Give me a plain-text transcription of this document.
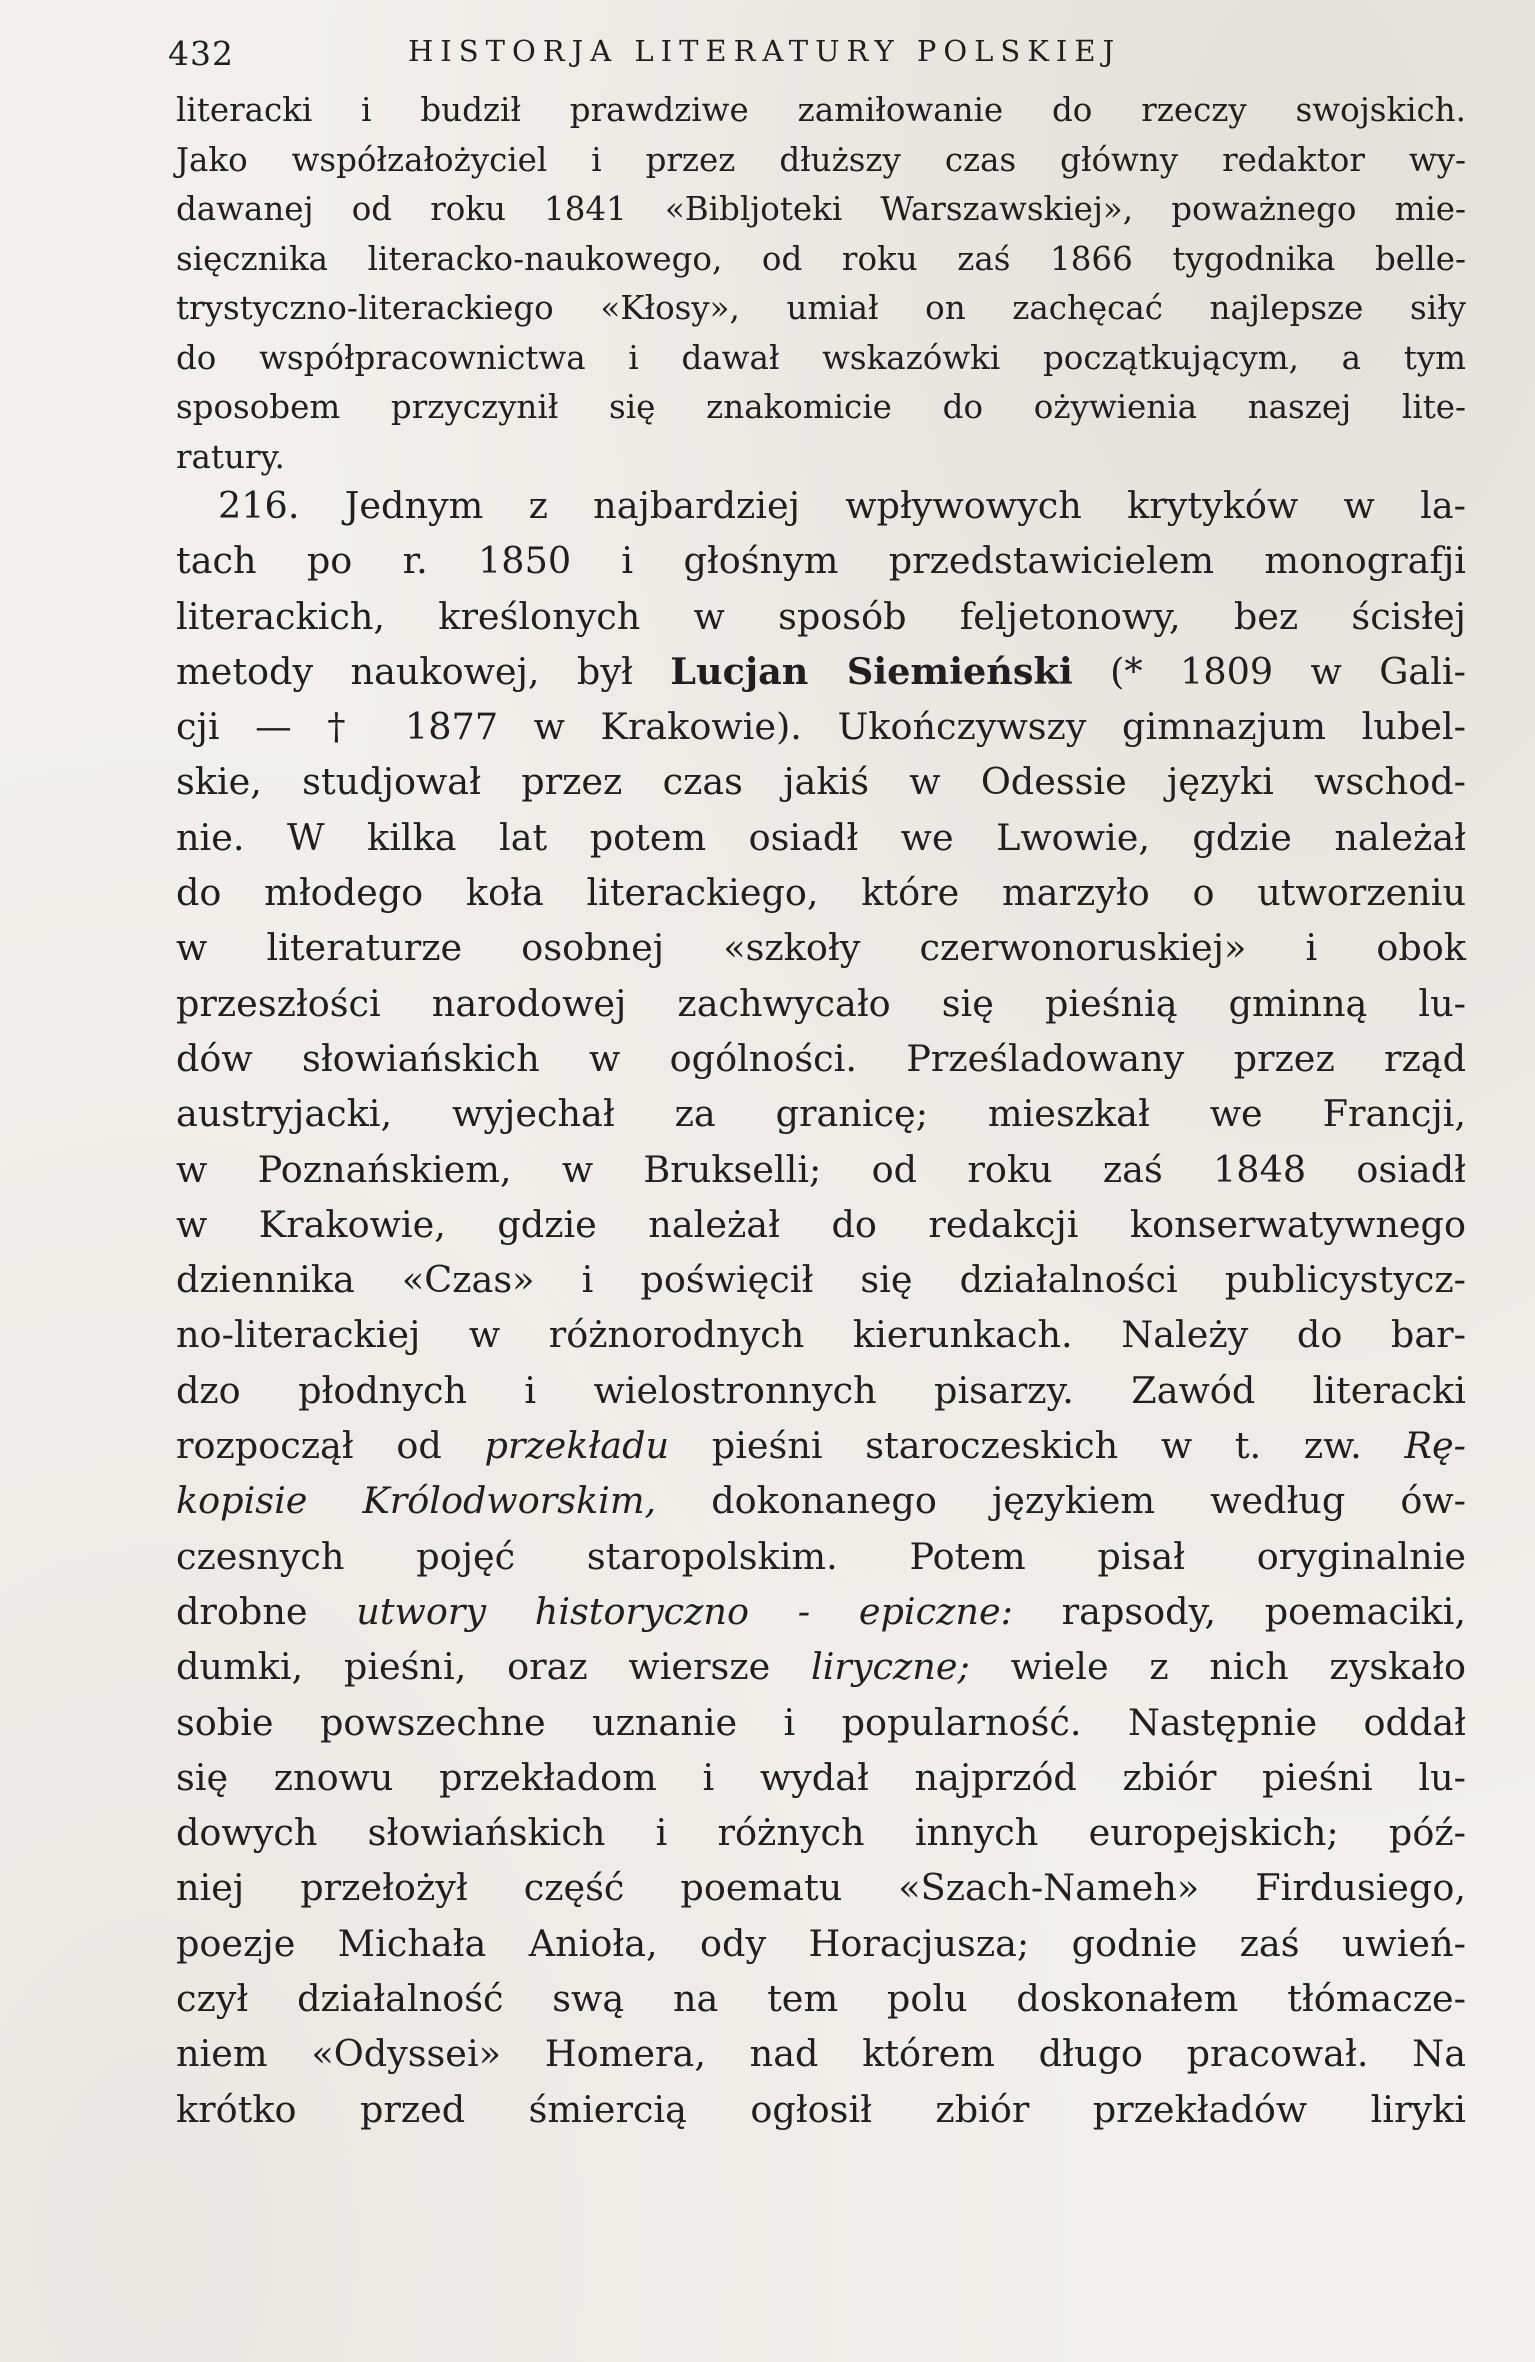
432	HISTORJA LITERATURY POLSKIEJ
literacki i budził prawdziwe zamiłowanie do rzeczy swojskich.
Jako współzałożyciel i przez dłuższy czas główny redaktor wy-
dawanej od roku 1841 «Bibljoteki Warszawskiej», poważnego mie-
sięcznika literacko-naukowego, od roku zaś 1866 tygodnika belle-
trystyczno-literackiego «Kłosy», umiał on zachęcać najlepsze siły
do współpracownictwa i dawał wskazówki początkującym, a tym
sposobem przyczynił się znakomicie do ożywienia naszej lite-
ratury.
216. Jednym z najbardziej wpływowych krytyków w la-
tach po r. 1850 i głośnym przedstawicielem monografji
literackich, kreślonych w sposób feljetonowy, bez ścisłej
metody naukowej, był Lucjan Siemieński (* 1809 w Gali-
cji — † 1877 w Krakowie). Ukończywszy gimnazjum lubel-
skie, studjował przez czas jakiś w Odessie języki wschod-
nie. W kilka lat potem osiadł we Lwowie, gdzie należał
do młodego koła literackiego, które marzyło o utworzeniu
w literaturze osobnej «szkoły czerwonoruskiej» i obok
przeszłości narodowej zachwycało się pieśnią gminną lu-
dów słowiańskich w ogólności. Prześladowany przez rząd
austryjacki, wyjechał za granicę; mieszkał we Francji,
w Poznańskiem, w Brukselli; od roku zaś 1848 osiadł
w Krakowie, gdzie należał do redakcji konserwatywnego
dziennika «Czas» i poświęcił się działalności publicystycz-
no-literackiej w różnorodnych kierunkach. Należy do bar-
dzo płodnych i wielostronnych pisarzy. Zawód literacki
rozpoczął od przekładu pieśni staroczeskich w t. zw. Rę-
kopisie Królodworskim, dokonanego językiem według ów-
czesnych pojęć staropolskim. Potem pisał oryginalnie
drobne utwory historyczno - epiczne: rapsody, poemaciki,
dumki, pieśni, oraz wiersze liryczne; wiele z nich zyskało
sobie powszechne uznanie i popularność. Następnie oddał
się znowu przekładom i wydał najprzód zbiór pieśni lu-
dowych słowiańskich i różnych innych europejskich; póź-
niej przełożył część poematu «Szach-Nameh» Firdusiego,
poezje Michała Anioła, ody Horacjusza; godnie zaś uwień-
czył działalność swą na tem polu doskonałem tłómacze-
niem «Odyssei» Homera, nad którem długo pracował. Na
krótko przed śmiercią ogłosił zbiór przekładów liryki
